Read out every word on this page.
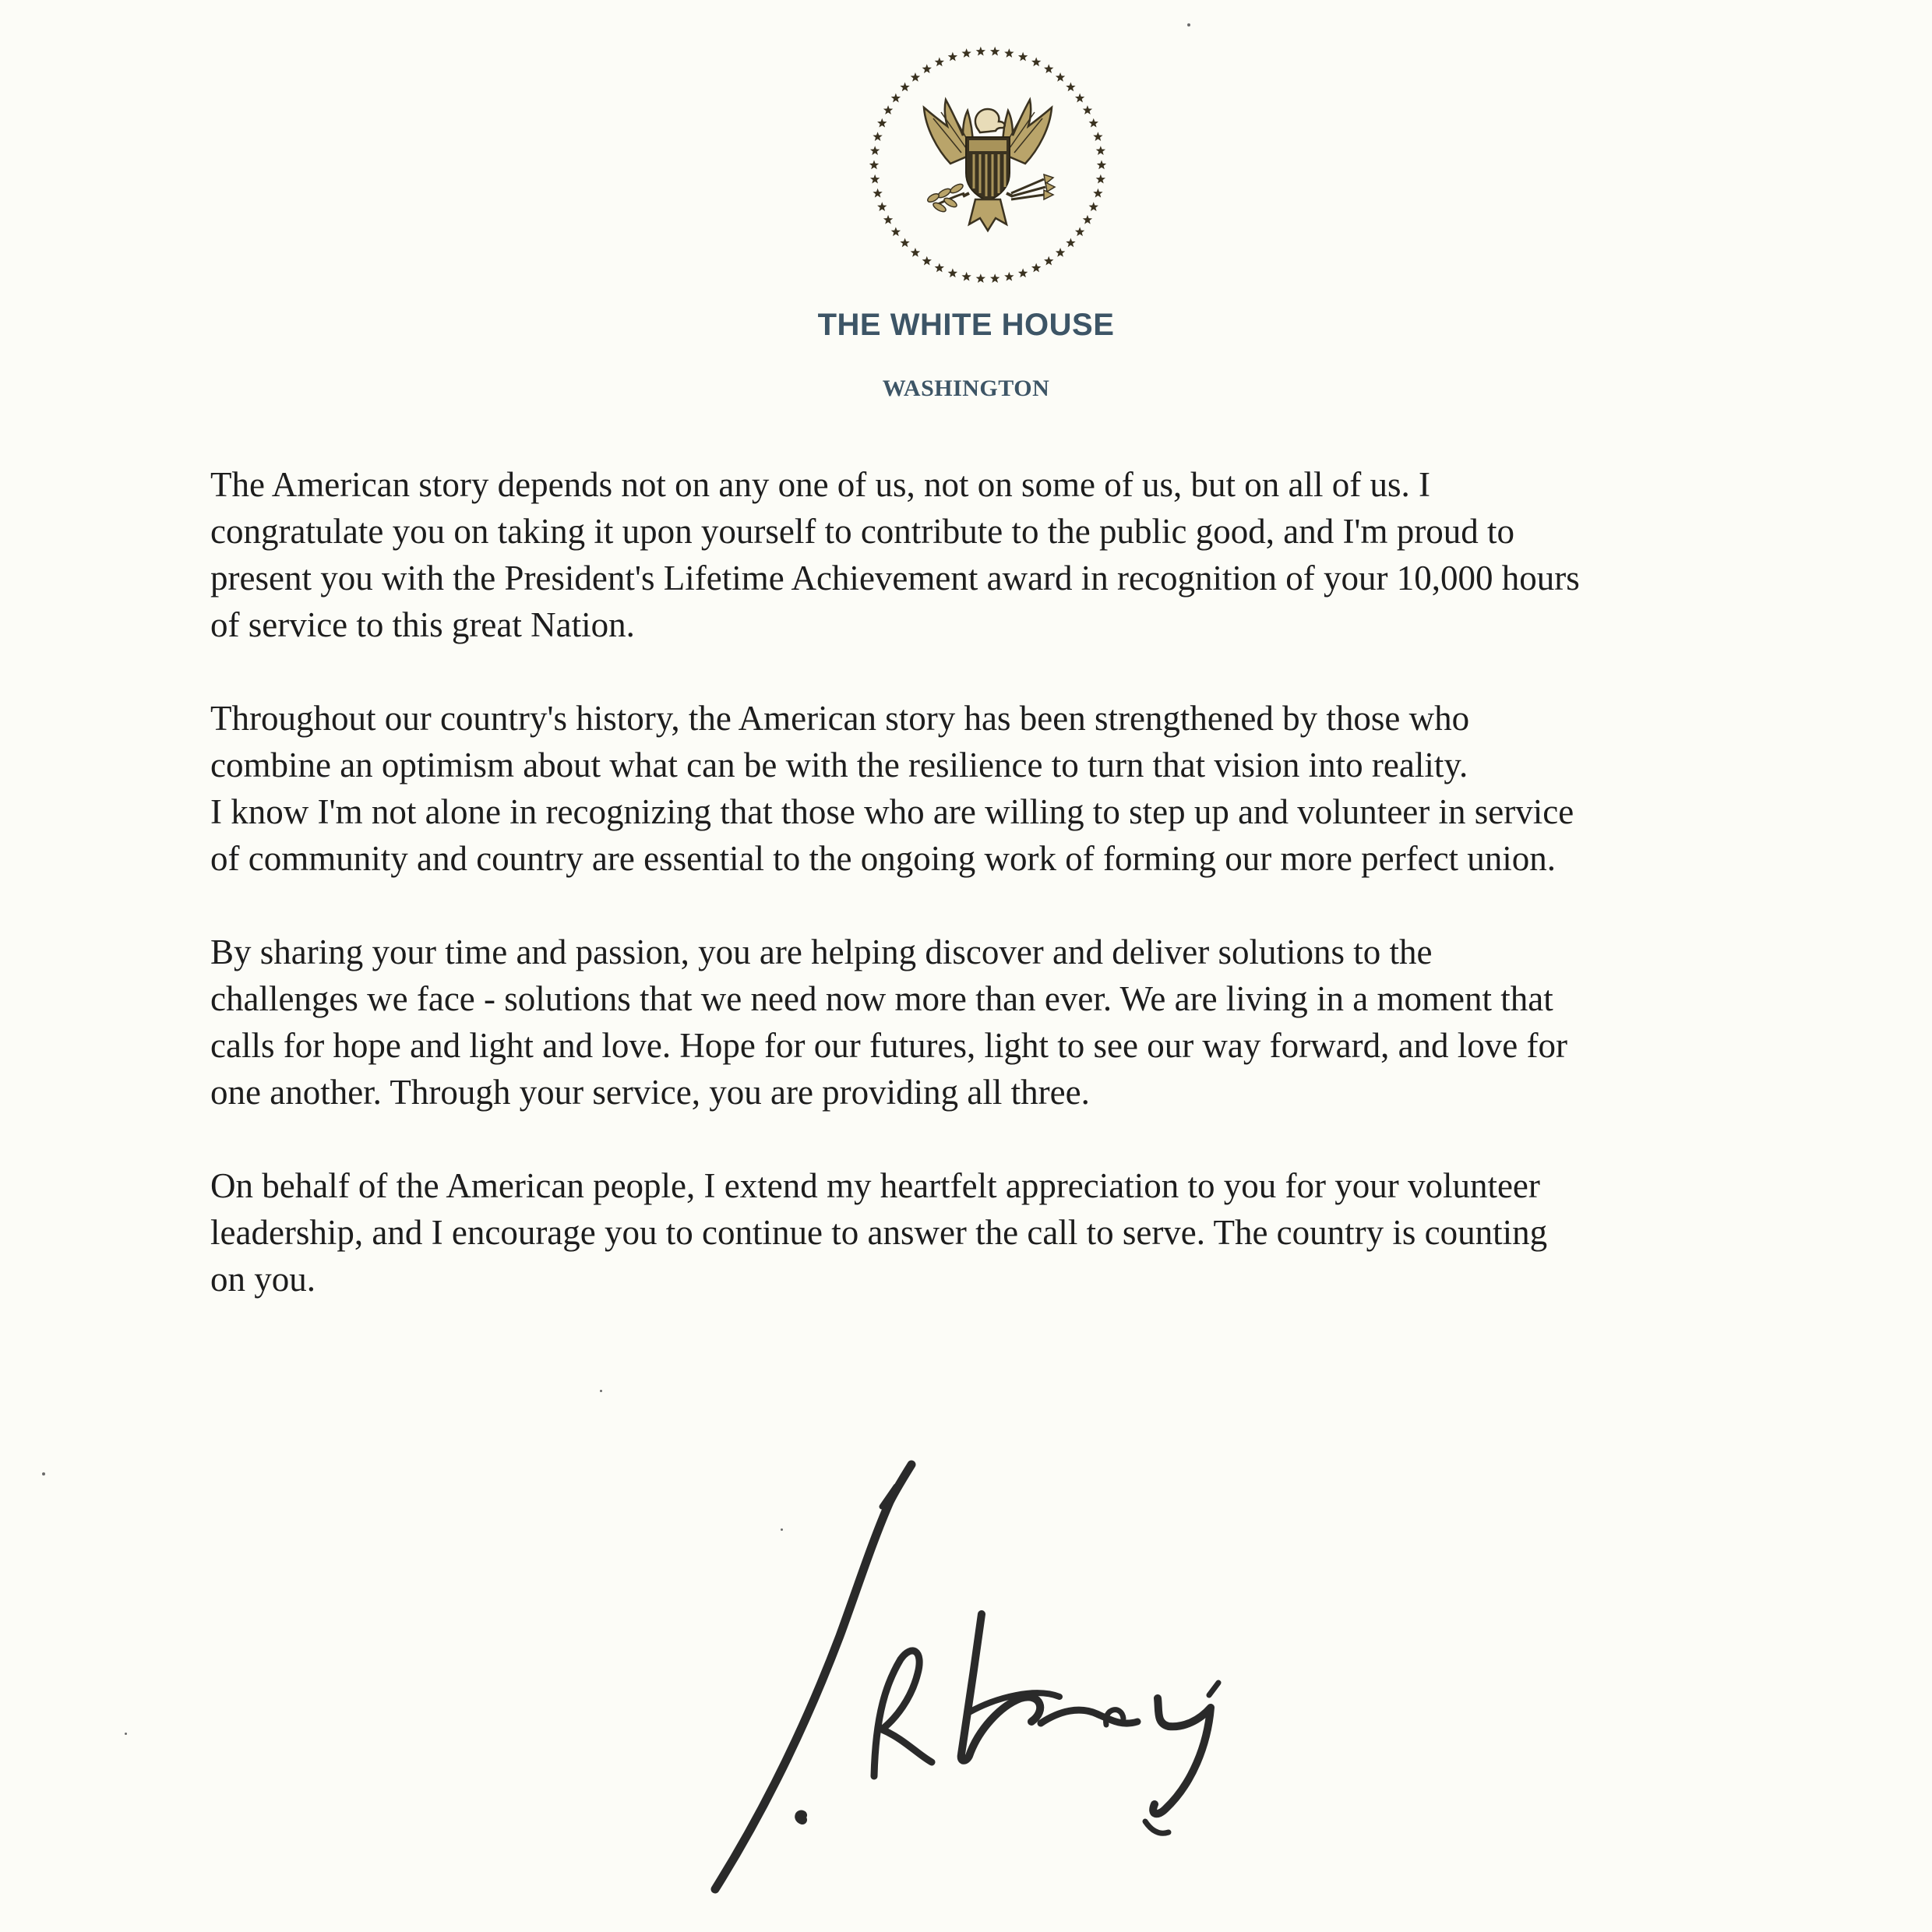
THE WHITE HOUSE
WASHINGTON

The American story depends not on any one of us, not on some of us, but on all of us. I
congratulate you on taking it upon yourself to contribute to the public good, and I'm proud to
present you with the President's Lifetime Achievement award in recognition of your 10,000 hours
of service to this great Nation.

Throughout our country's history, the American story has been strengthened by those who
combine an optimism about what can be with the resilience to turn that vision into reality.
I know I'm not alone in recognizing that those who are willing to step up and volunteer in service
of community and country are essential to the ongoing work of forming our more perfect union.

By sharing your time and passion, you are helping discover and deliver solutions to the
challenges we face - solutions that we need now more than ever. We are living in a moment that
calls for hope and light and love. Hope for our futures, light to see our way forward, and love for
one another. Through your service, you are providing all three.

On behalf of the American people, I extend my heartfelt appreciation to you for your volunteer
leadership, and I encourage you to continue to answer the call to serve. The country is counting
on you.
